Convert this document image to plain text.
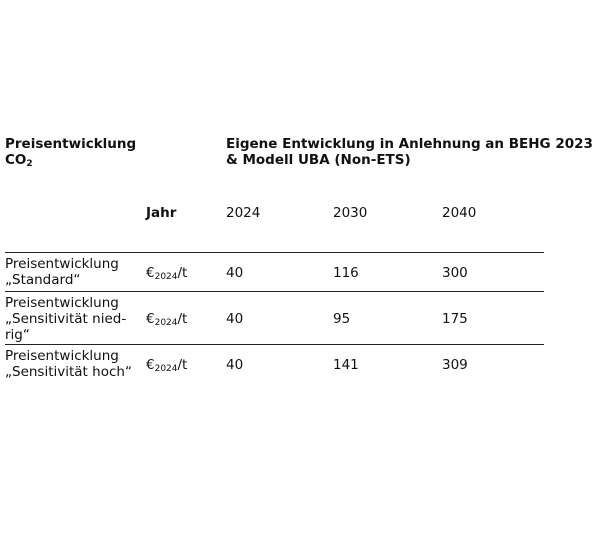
Preisentwicklung
$CO_2$
Eigene Entwicklung in Anlehnung an BEHG 2023
& Modell UBA (Non-ETS)
Jahr	2024	2030	2040
Preisentwicklung
„Standard“	$€_{2024}/t$	40	116	300
Preisentwicklung
„Sensitivität nied-
rig“
$€_{2024}/t$	40	95	175
Preisentwicklung
„Sensitivität hoch“	$€_{2024}/t$	40	141	309
